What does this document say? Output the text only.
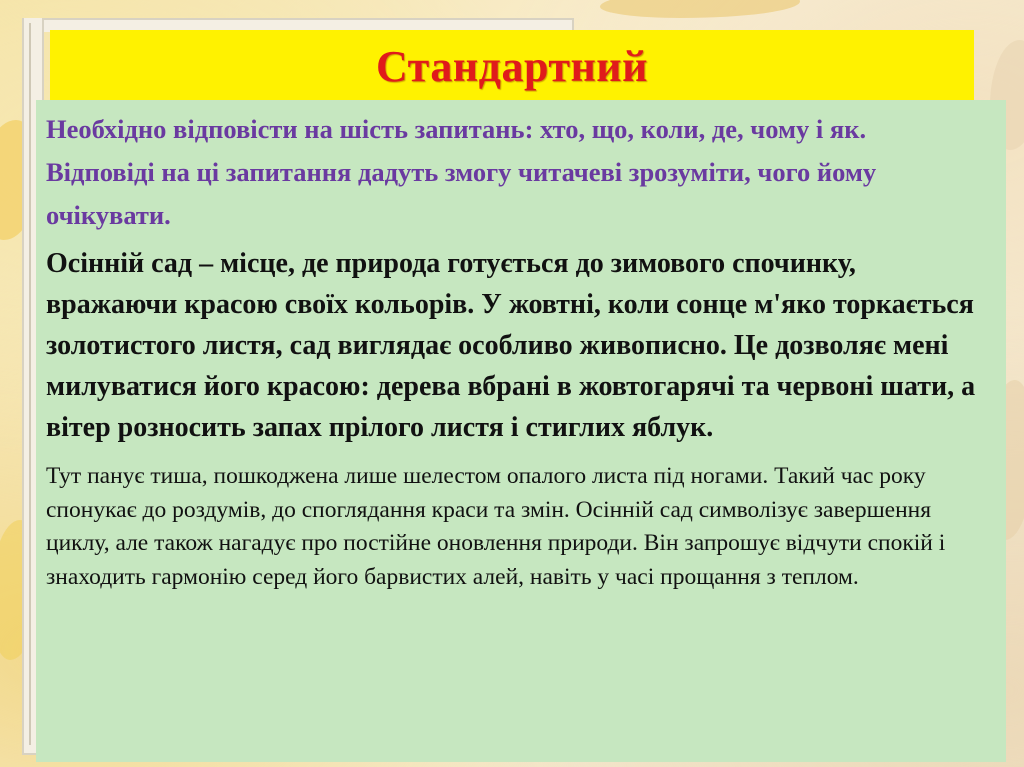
Стандартний

Необхідно відповісти на шість запитань: хто, що, коли, де, чому і як. Відповіді на ці запитання дадуть змогу читачеві зрозуміти, чого йому очікувати.

Осінній сад – місце, де природа готується до зимового спочинку, вражаючи красою своїх кольорів. У жовтні, коли сонце м'яко торкається золотистого листя, сад виглядає особливо живописно. Це дозволяє мені милуватися його красою: дерева вбрані в жовтогарячі та червоні шати, а вітер розносить запах прілого листя і стиглих яблук.

Тут панує тиша, пошкоджена лише шелестом опалого листа під ногами. Такий час року спонукає до роздумів, до споглядання краси та змін. Осінній сад символізує завершення циклу, але також нагадує про постійне оновлення природи. Він запрошує відчути спокій і знаходить гармонію серед його барвистих алей, навіть у часі прощання з теплом.
